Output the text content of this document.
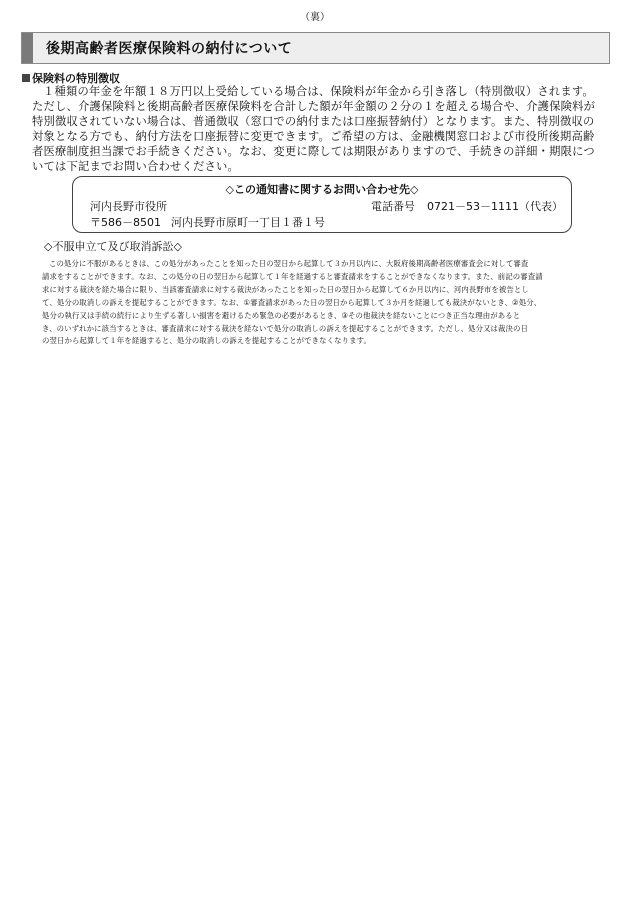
（裏）
後期高齢者医療保険料の納付について
保険料の特別徴収
１種類の年金を年額１８万円以上受給している場合は、保険料が年金から引き落し（特別徴収）されます。
ただし、介護保険料と後期高齢者医療保険料を合計した額が年金額の２分の１を超える場合や、介護保険料が
特別徴収されていない場合は、普通徴収（窓口での納付または口座振替納付）となります。また、特別徴収の
対象となる方でも、納付方法を口座振替に変更できます。ご希望の方は、金融機関窓口および市役所後期高齢
者医療制度担当課でお手続きください。なお、変更に際しては期限がありますので、手続きの詳細・期限につ
いては下記までお問い合わせください。
◇この通知書に関するお問い合わせ先◇
河内長野市役所	電話番号 0721－53－1111（代表）
〒586－8501 河内長野市原町一丁目１番１号
◇不服申立て及び取消訴訟◇
この処分に不服があるときは、この処分があったことを知った日の翌日から起算して３か月以内に、大阪府後期高齢者医療審査会に対して審査
請求をすることができます。なお、この処分の日の翌日から起算して１年を経過すると審査請求をすることができなくなります。また、前記の審査請
求に対する裁決を経た場合に限り、当該審査請求に対する裁決があったことを知った日の翌日から起算して６か月以内に、河内長野市を被告とし
て、処分の取消しの訴えを提起することができます。なお、①審査請求があった日の翌日から起算して３か月を経過しても裁決がないとき、②処分、
処分の執行又は手続の続行により生ずる著しい損害を避けるため緊急の必要があるとき、③その他裁決を経ないことにつき正当な理由があると
き、のいずれかに該当するときは、審査請求に対する裁決を経ないで処分の取消しの訴えを提起することができます。ただし、処分又は裁決の日
の翌日から起算して１年を経過すると、処分の取消しの訴えを提起することができなくなります。
